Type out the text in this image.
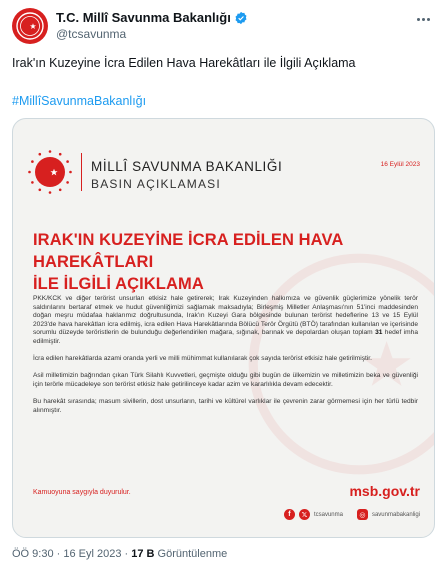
T.C. Millî Savunma Bakanlığı
@tcsavunma
Irak'ın Kuzeyine İcra Edilen Hava Harekâtları ile İlgili Açıklama
#MillîSavunmaBakanlığı
MİLLÎ SAVUNMA BAKANLIĞI
BASIN AÇIKLAMASI
16 Eylül 2023
IRAK'IN KUZEYİNE İCRA EDİLEN HAVA HAREKÂTLARI
İLE İLGİLİ AÇIKLAMA

PKK/KCK ve diğer terörist unsurları etkisiz hale getirerek; Irak Kuzeyinden halkımıza ve güvenlik güçlerimize yönelik terör saldırılarını bertaraf etmek ve hudut güvenliğimizi sağlamak maksadıyla; Birleşmiş Milletler Anlaşması'nın 51'inci maddesinden doğan meşru müdafaa haklarımız doğrultusunda, Irak'ın Kuzeyi Gara bölgesinde bulunan terörist hedeflerine 13 ve 15 Eylül 2023'de hava harekâtları icra edilmiş, icra edilen Hava Harekâtlarında Bölücü Terör Örgütü (BTÖ) tarafından kullanılan ve içerisinde sorumlu düzeyde teröristlerin de bulunduğu değerlendirilen mağara, sığınak, barınak ve depolardan oluşan toplam 31 hedef imha edilmiştir.

İcra edilen harekâtlarda azami oranda yerli ve milli mühimmat kullanılarak çok sayıda terörist etkisiz hale getirilmiştir.

Asil milletimizin bağrından çıkan Türk Silahlı Kuvvetleri, geçmişte olduğu gibi bugün de ülkemizin ve milletimizin beka ve güvenliği için terörle mücadeleye son terörist etkisiz hale getirilinceye kadar azim ve kararlılıkla devam edecektir.

Bu harekât sırasında; masum sivillerin, dost unsurların, tarihi ve kültürel varlıklar ile çevrenin zarar görmemesi için her türlü tedbir alınmıştır.

Kamuoyuna saygıyla duyurulur.	msb.gov.tr
f	𝕏	tcsavunma	◎	savunmabakanligi
ÖÖ 9:30 · 16 Eyl 2023 · 17 B Görüntülenme
